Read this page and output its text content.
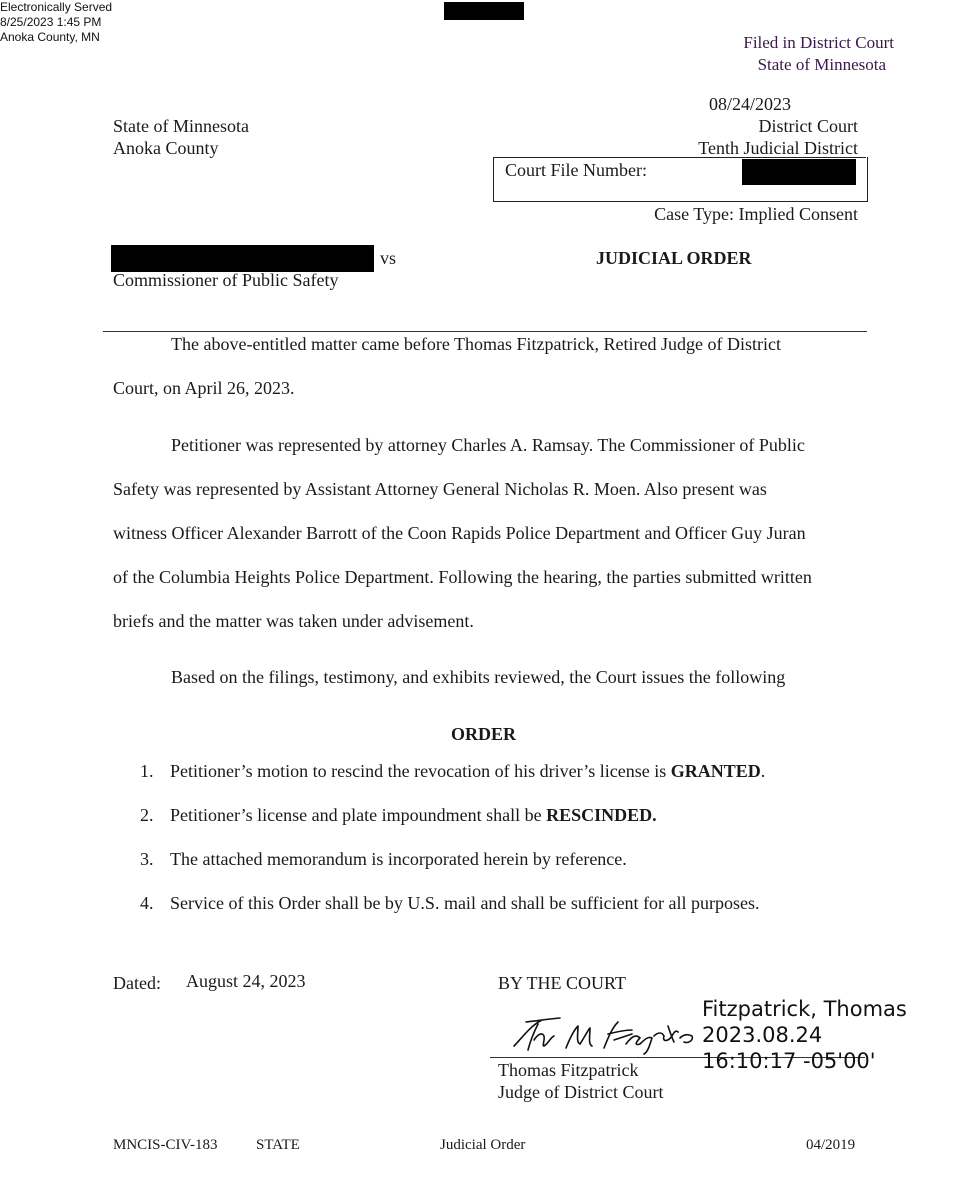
Electronically Served
8/25/2023 1:45 PM
Anoka County, MN	Filed in District Court
State of Minnesota
08/24/2023
State of Minnesota
Anoka County
District Court
Tenth Judicial District
Court File Number:
Case Type: Implied Consent
vs
Commissioner of Public Safety
JUDICIAL ORDER
The above-entitled matter came before Thomas Fitzpatrick, Retired Judge of District
Court, on April 26, 2023.
Petitioner was represented by attorney Charles A. Ramsay. The Commissioner of Public
Safety was represented by Assistant Attorney General Nicholas R. Moen. Also present was
witness Officer Alexander Barrott of the Coon Rapids Police Department and Officer Guy Juran
of the Columbia Heights Police Department. Following the hearing, the parties submitted written
briefs and the matter was taken under advisement.
Based on the filings, testimony, and exhibits reviewed, the Court issues the following
ORDER
1. Petitioner’s motion to rescind the revocation of his driver’s license is GRANTED.
2. Petitioner’s license and plate impoundment shall be RESCINDED.
3. The attached memorandum is incorporated herein by reference.
4. Service of this Order shall be by U.S. mail and shall be sufficient for all purposes.
Dated: August 24, 2023	BY THE COURT
Fitzpatrick, Thomas
2023.08.24
16:10:17 -05'00'
Thomas Fitzpatrick
Judge of District Court
MNCIS-CIV-183	STATE	Judicial Order	04/2019
